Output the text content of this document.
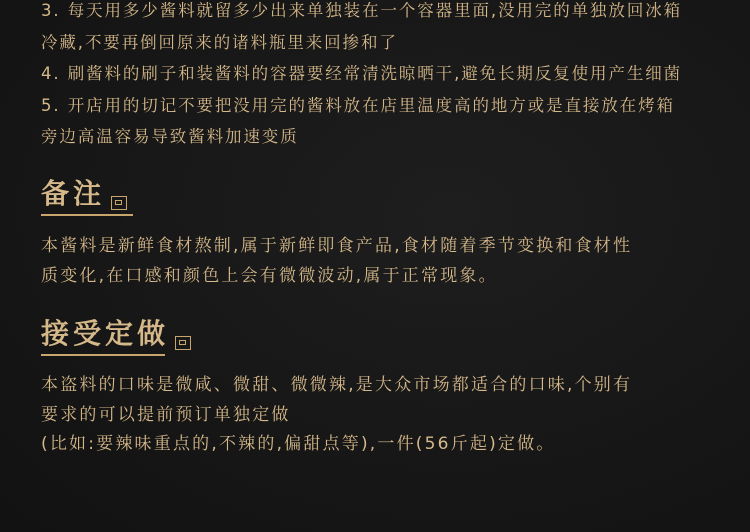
3. 每天用多少酱料就留多少出来单独装在一个容器里面,没用完的单独放回冰箱

冷藏,不要再倒回原来的诸料瓶里来回掺和了

4. 刷酱料的刷子和装酱料的容器要经常清洗晾晒干,避免长期反复使用产生细菌

5. 开店用的切记不要把没用完的酱料放在店里温度高的地方或是直接放在烤箱

旁边高温容易导致酱料加速变质

备注

本酱料是新鲜食材熬制,属于新鲜即食产品,食材随着季节变换和食材性

质变化,在口感和颜色上会有微微波动,属于正常现象。

接受定做

本盗料的口味是微咸、微甜、微微辣,是大众市场都适合的口味,个别有

要求的可以提前预订单独定做

(比如:要辣味重点的,不辣的,偏甜点等),一件(56斤起)定做。
